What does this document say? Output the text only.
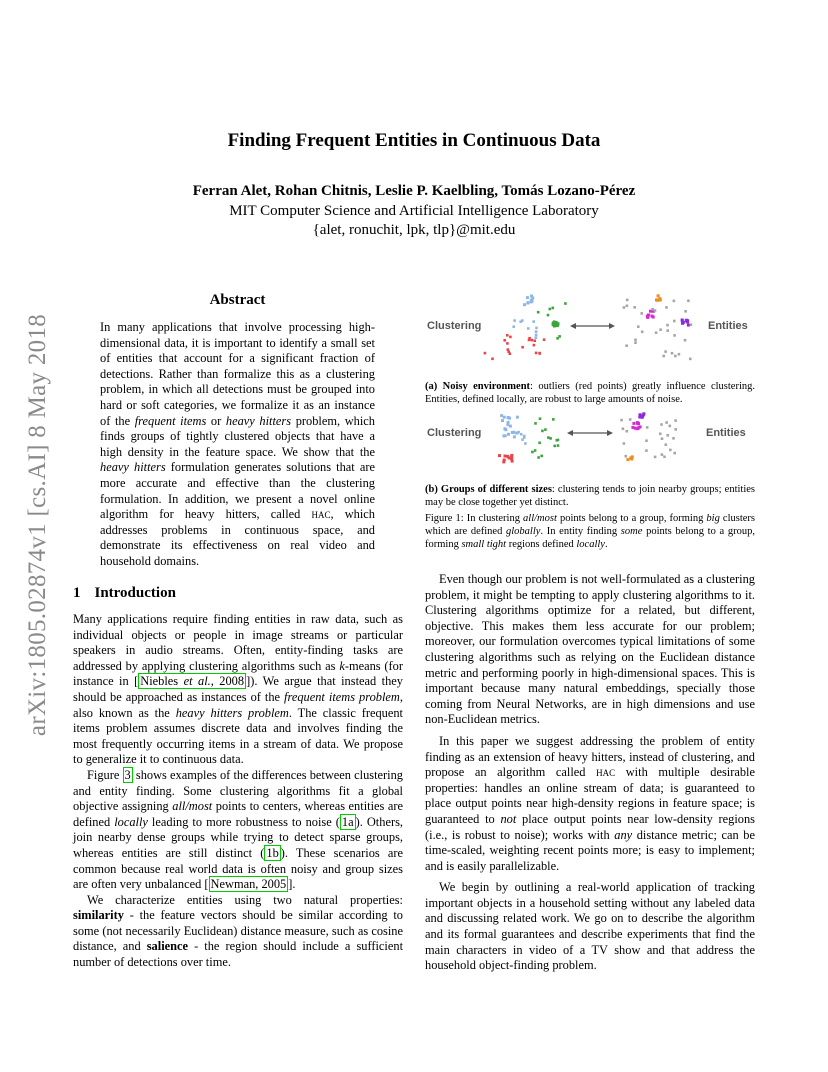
arXiv:1805.02874v1 [cs.AI] 8 May 2018
Finding Frequent Entities in Continuous Data
Ferran Alet, Rohan Chitnis, Leslie P. Kaelbling, Tomás Lozano-Pérez
MIT Computer Science and Artificial Intelligence Laboratory
{alet, ronuchit, lpk, tlp}@mit.edu
Abstract
In many applications that involve processing high-dimensional data, it is important to identify a small set of entities that account for a significant fraction of detections. Rather than formalize this as a clustering problem, in which all detections must be grouped into hard or soft categories, we formalize it as an instance of the frequent items or heavy hitters problem, which finds groups of tightly clustered objects that have a high density in the feature space. We show that the heavy hitters formulation generates solutions that are more accurate and effective than the clustering formulation. In addition, we present a novel online algorithm for heavy hitters, called hac, which addresses problems in continuous space, and demonstrate its effectiveness on real video and household domains.
Clustering	Entities
(a) Noisy environment: outliers (red points) greatly influence clustering. Entities, defined locally, are robust to large amounts of noise.
Clustering	Entities
(b) Groups of different sizes: clustering tends to join nearby groups; entities may be close together yet distinct.
Figure 1: In clustering all/most points belong to a group, forming big clusters which are defined globally. In entity finding some points belong to a group, forming small tight regions defined locally.
1 Introduction

Many applications require finding entities in raw data, such as individual objects or people in image streams or particular speakers in audio streams. Often, entity-finding tasks are addressed by applying clustering algorithms such as k-means (for instance in [ Niebles et al., 2008 ]). We argue that instead they should be approached as instances of the frequent items problem, also known as the heavy hitters problem. The classic frequent items problem assumes discrete data and involves finding the most frequently occurring items in a stream of data. We propose to generalize it to continuous data.

Figure 3 shows examples of the differences between clustering and entity finding. Some clustering algorithms fit a global objective assigning all/most points to centers, whereas entities are defined locally leading to more robustness to noise ( 1a ). Others, join nearby dense groups while trying to detect sparse groups, whereas entities are still distinct ( 1b ). These scenarios are common because real world data is often noisy and group sizes are often very unbalanced [ Newman, 2005 ].

We characterize entities using two natural properties: similarity - the feature vectors should be similar according to some (not necessarily Euclidean) distance measure, such as cosine distance, and salience - the region should include a sufficient number of detections over time.

Even though our problem is not well-formulated as a clustering problem, it might be tempting to apply clustering algorithms to it. Clustering algorithms optimize for a related, but different, objective. This makes them less accurate for our problem; moreover, our formulation overcomes typical limitations of some clustering algorithms such as relying on the Euclidean distance metric and performing poorly in high-dimensional spaces. This is important because many natural embeddings, specially those coming from Neural Networks, are in high dimensions and use non-Euclidean metrics.

In this paper we suggest addressing the problem of entity finding as an extension of heavy hitters, instead of clustering, and propose an algorithm called hac with multiple desirable properties: handles an online stream of data; is guaranteed to place output points near high-density regions in feature space; is guaranteed to not place output points near low-density regions (i.e., is robust to noise); works with any distance metric; can be time-scaled, weighting recent points more; is easy to implement; and is easily parallelizable.

We begin by outlining a real-world application of tracking important objects in a household setting without any labeled data and discussing related work. We go on to describe the algorithm and its formal guarantees and describe experiments that find the main characters in video of a TV show and that address the household object-finding problem.
